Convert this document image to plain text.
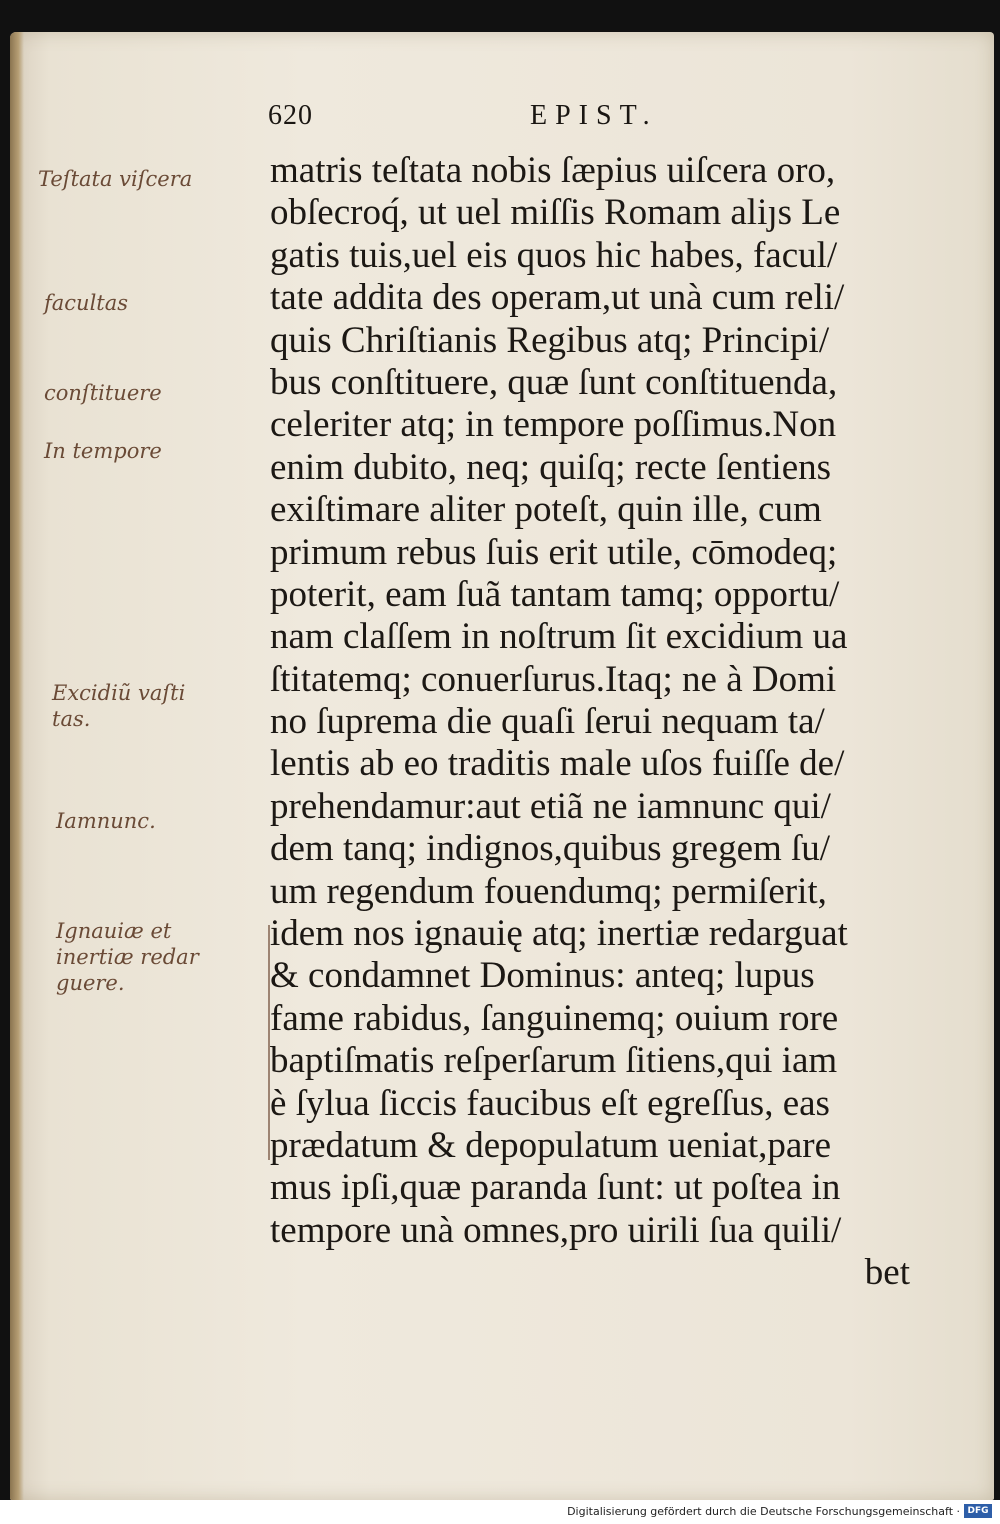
620	EPIST.
Teſtata viſcera
facultas
conſtituere
In tempore
Excidiũ vaſti
tas.
Iamnunc.
Ignauiæ et
inertiæ redar
guere.
matris teſtata nobis ſæpius uiſcera oro,
obſecroq́, ut uel miſſis Romam aliȷs Le
gatis tuis,uel eis quos hic habes, facul/
tate addita des operam,ut unà cum reli/
quis Chriſtianis Regibus atq; Principi/
bus conſtituere, quæ ſunt conſtituenda,
celeriter atq; in tempore poſſimus.Non
enim dubito, neq; quiſq; recte ſentiens
exiſtimare aliter poteſt, quin ille, cum
primum rebus ſuis erit utile, cōmodeq;
poterit, eam ſuã tantam tamq; opportu/
nam claſſem in noſtrum ſit excidium ua
ſtitatemq; conuerſurus.Itaq; ne à Domi
no ſuprema die quaſi ſerui nequam ta/
lentis ab eo traditis male uſos fuiſſe de/
prehendamur:aut etiã ne iamnunc qui/
dem tanq; indignos,quibus gregem ſu/
um regendum fouendumq; permiſerit,
idem nos ignauię atq; inertiæ redarguat
& condamnet Dominus: anteq; lupus
fame rabidus, ſanguinemq; ouium rore
baptiſmatis reſperſarum ſitiens,qui iam
è ſylua ſiccis faucibus eſt egreſſus, eas
prædatum & depopulatum ueniat,pare
mus ipſi,quæ paranda ſunt: ut poſtea in
tempore unà omnes,pro uirili ſua quili/
bet
Digitalisierung gefördert durch die Deutsche Forschungsgemeinschaft · DFG
